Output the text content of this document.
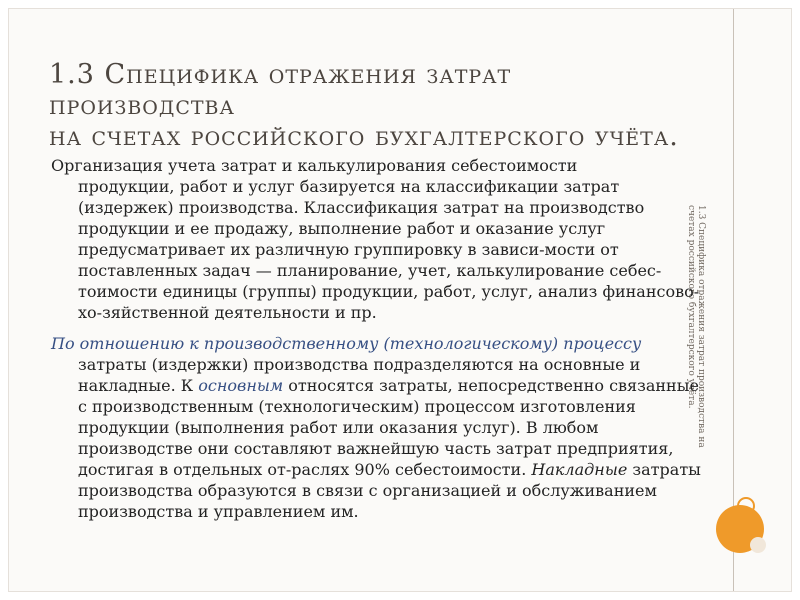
1.3 Специфика отражения затрат производства на счетах российского бухгалтерского учёта.
1.3 Специфика отражения затрат производства
на счетах российского бухгалтерского учёта.
Организация учета затрат и калькулирования себестоимости
продукции, работ и услуг базируется на классификации затрат (издержек) производства. Классификация затрат на производство продукции и ее продажу, выполнение работ и оказание услуг предусматривает их различную группировку в зависи-мости от поставленных задач — планирование, учет, калькулирование себес-тоимости единицы (группы) продукции, работ, услуг, анализ финансово-хо-зяйственной деятельности и пр.
По отношению к производственному (технологическому) процессу
затраты (издержки) производства подразделяются на основные и накладные. К основным относятся затраты, непосредственно связанные с производственным (технологическим) процессом изготовления продукции (выполнения работ или оказания услуг). В любом производстве они составляют важнейшую часть затрат предприятия, достигая в отдельных от-раслях 90% себестоимости. Накладные затраты производства образуются в связи с организацией и обслуживанием производства и управлением им.
